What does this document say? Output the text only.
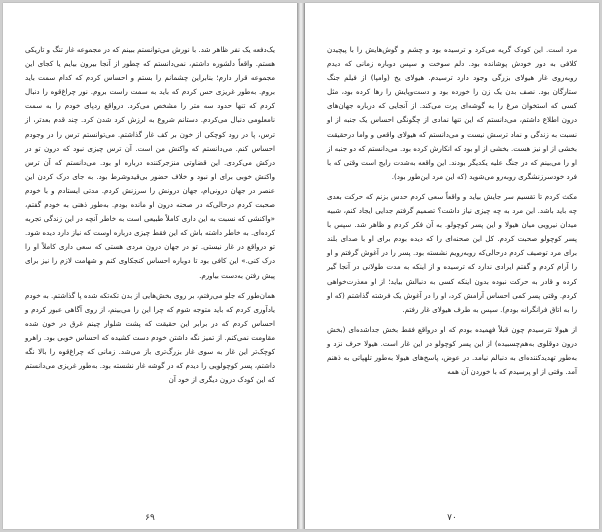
یک‌دفعه یک نفر ظاهر شد. با نورش می‌توانستم ببینم که در مجموعه غار تنگ و تاریکی هستم. واقعاً دلشوره داشتم، نمی‌دانستم که چطور از آنجا بیرون بیایم یا کجای این مجموعه قرار دارم؛ بنابراین چشمانم را بستم و احساس کردم که کدام سمت باید بروم. به‌طور غریزی حس کردم که باید به سمت راست بروم. نور چراغ‌قوه را دنبال کردم که تنها حدود سه متر را مشخص می‌کرد. درواقع ردپای خودم را به سمت نامعلومی دنبال می‌کردم. دستانم شروع به لرزش کرد شدن کرد. چند قدم بعدتر، از ترس، پا در رود کوچکی از خون بر کف غار گذاشتم. می‌توانستم ترس را در وجودم احساس کنم. می‌دانستم که واکنش من است. آن ترس چیزی نبود که درون تو در درکش می‌کردی. این قضاوتی منزجرکننده درباره او بود. می‌دانستم که آن ترس واکنش خوبی برای او نبود و خلاف حضور بی‌قیدوشرط بود. به جای درک کردن این عنصر در جهان درونی‌ام، جهان درونش را سرزنش کردم. مدتی ایستادم و با خودم صحبت کردم درحالی‌که در صحنه درون او مانده بودم. به‌طور ذهنی به خودم گفتم، «واکنشی که نسبت به این داری کاملاً طبیعی است به خاطر آنچه در این زندگی تجربه کرده‌ای. به خاطر داشته باش که این فقط چیزی درباره اوست که نیاز دارد دیده شود. تو درواقع در غار نیستی. تو در جهان درون مردی هستی که سعی داری کاملاً او را درک کنی.» این کافی بود تا دوباره احساس کنجکاوی کنم و شهامت لازم را نیز برای پیش رفتن به‌دست بیاورم.

همان‌طور که جلو می‌رفتم، بر روی بخش‌هایی از بدن تکه‌تکه شده پا گذاشتم. به خودم یادآوری کردم که باید متوجه شوم که چرا این را می‌بینم، از روی آگاهی عبور کردم و احساس کردم که در برابر این حقیقت که پشت شلوار چینم غرق در خون شده مقاومت نمی‌کنم. از تمیز نگه داشتن خودم دست کشیده که احساس خوبی بود. راهرو کوچک‌تر این غار به سوی غار بزرگ‌تری باز می‌شد. زمانی که چراغ‌قوه را بالا نگه داشتم، پسر کوچولویی را دیدم که در گوشه غار نشسته بود. به‌طور غریزی می‌دانستم که این کودک درون دیگری از خود آن

۶۹

مرد است. این کودک گریه می‌کرد و ترسیده بود و چشم و گوش‌هایش را با پیچیدن کلافی به دور خودش پوشانده بود. دلم سوخت و سپس دوباره زمانی که دیدم روبه‌روی غار هیولای بزرگی وجود دارد ترسیدم. هیولای یخ (وامپا) از فیلم جنگ ستارگان بود. نصف بدن یک زن را خورده بود و دست‌وپایش را رها کرده بود، مثل کسی که استخوان مرغ را به گوشه‌ای پرت می‌کند. از آنجایی که درباره جهان‌های درون اطلاع داشتم، می‌دانستم که این تنها نمادی از چگونگی احساس یک جنبه از او نسبت به زندگی و نماد ترسش نیست و می‌دانستم که هیولای واقعی و واما درحقیقت بخشی از او نیز هست. بخشی از او بود که انکارش کرده بود. می‌دانستم که دو جنبه از او را می‌بینم که در جنگ علیه یکدیگر بودند. این واقعه به‌شدت رایج است وقتی که با فرد خودسرزنشگری روبه‌رو می‌شوید (که این مرد این‌طور بود).

مکث کردم تا تقسیم سر جایش بیاید و واقعاً سعی کردم حدس بزنم که حرکت بعدی چه باید باشد. این مرد به چه چیزی نیاز داشت؟ تصمیم گرفتم جدایی ایجاد کنم، شبیه میدان نیرویی میان هیولا و این پسر کوچولو. به آن فکر کردم و ظاهر شد. سپس با پسر کوچولو صحبت کردم. کل این صحنه‌ای را که دیده بودم برای او با صدای بلند برای مرد توصیف کردم درحالی‌که روبه‌رویم نشسته بود. پسر را در آغوش گرفتم و او را آرام کردم و گفتم ایرادی ندارد که ترسیده و از اینکه به مدت طولانی در آنجا گیر کرده و قادر به حرکت نبوده بدون اینکه کسی به دنبالش بیاید؛ از او معذرت‌خواهی کردم. وقتی پسر کمی احساس آرامش کرد، او را در آغوش یک فرشته گذاشتم (که او را به اتاق فرانگرانه بودم). سپس به طرف هیولای غار رفتم.

از هیولا نترسیدم چون قبلاً فهمیده بودم که او درواقع فقط بخش جداشده‌ای (بخش درون دوقلوی به‌هم‌چسبیده) از این پسر کوچولو در این غار است. هیولا حرف نزد و به‌طور تهدیدکننده‌ای به دنبالم نیامد. در عوض، پاسخ‌های هیولا به‌طور تلهپاتی به ذهنم آمد. وقتی از او پرسیدم که با خوردن آن همه

۷۰
